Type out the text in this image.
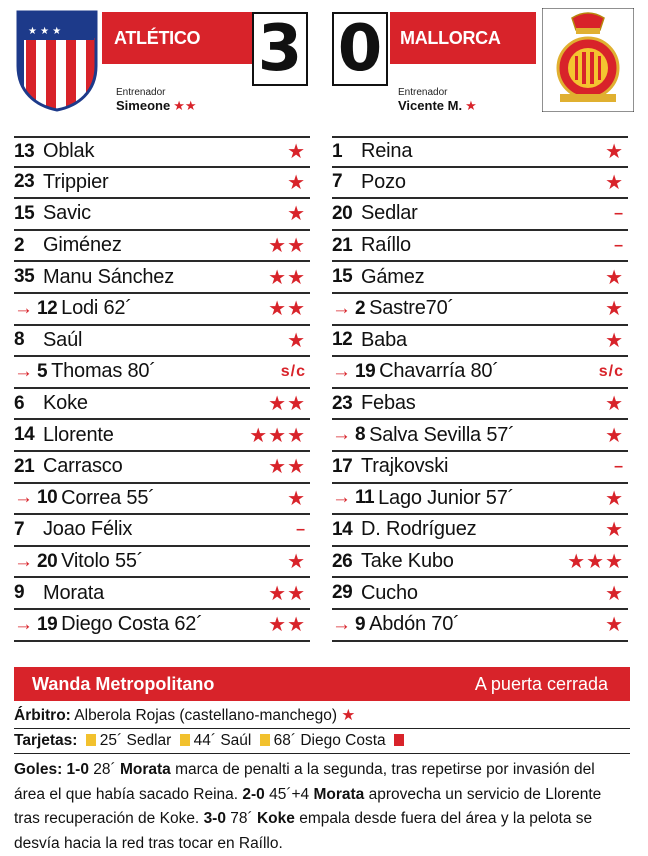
★ ★ ★	ATLÉTICO 3 0 MALLORCA
Entrenador
Simeone ★★
Entrenador
Vicente M. ★
13 Oblak	★
23 Trippier	★
15 Savic	★
2 Giménez	★★
35 Manu Sánchez	★★
→ 12 Lodi 62´	★★
8 Saúl	★
→ 5 Thomas 80´	s/c
6 Koke	★★
14 Llorente	★★★
21 Carrasco	★★
→ 10 Correa 55´	★
7 Joao Félix	–
→ 20 Vitolo 55´	★
9 Morata	★★
→ 19 Diego Costa 62´	★★
1 Reina	★
7 Pozo	★
20 Sedlar	–
21 Raíllo	–
15 Gámez	★
→ 2 Sastre70´	★
12 Baba	★
→ 19 Chavarría 80´	s/c
23 Febas	★
→ 8 Salva Sevilla 57´	★
17 Trajkovski	–
→ 11 Lago Junior 57´	★
14 D. Rodríguez	★
26 Take Kubo	★★★
29 Cucho	★
→ 9 Abdón 70´	★
Wanda Metropolitano	A puerta cerrada
Árbitro: Alberola Rojas (castellano-manchego) ★
Tarjetas: 25´ Sedlar 44´ Saúl 68´ Diego Costa
Goles: 1-0 28´ Morata marca de penalti a la segunda, tras repetirse por invasión del área el que había sacado Reina. 2-0 45´+4 Morata aprovecha un servicio de Llorente tras recuperación de Koke. 3-0 78´ Koke empala desde fuera del área y la pelota se desvía hacia la red tras tocar en Raíllo.
